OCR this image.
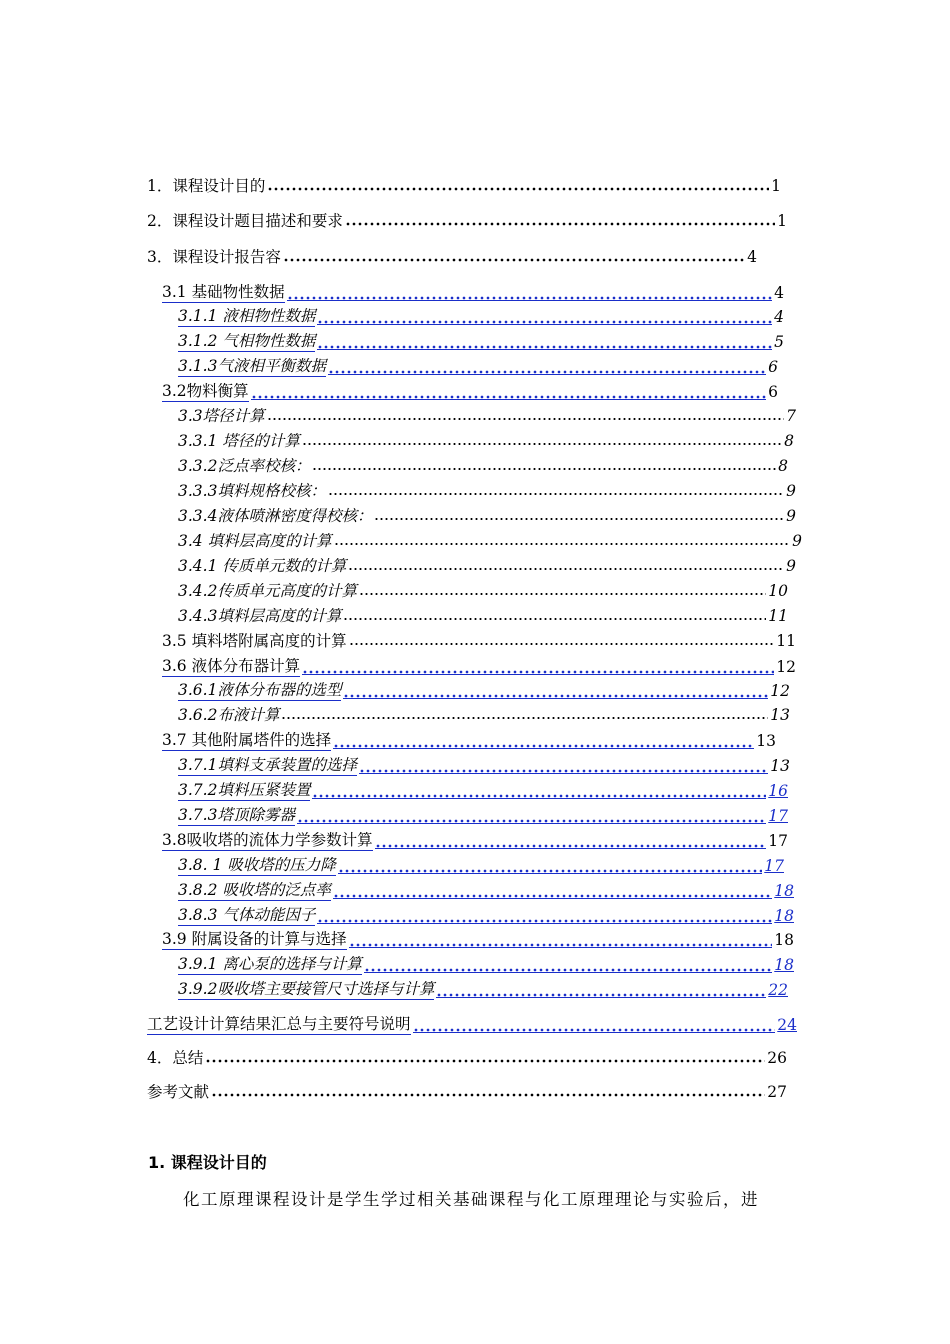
1．课程设计目的	1
2．课程设计题目描述和要求	1
3．课程设计报告容	4
3.1 基础物性数据	4
3.1.1 液相物性数据	4
3.1.2 气相物性数据	5
3.1.3气液相平衡数据	6
3.2物料衡算	6
3.3塔径计算	7
3.3.1 塔径的计算	8
3.3.2泛点率校核：	8
3.3.3填料规格校核：	9
3.3.4液体喷淋密度得校核：	9
3.4 填料层高度的计算	9
3.4.1 传质单元数的计算	9
3.4.2传质单元高度的计算	10
3.4.3填料层高度的计算	11
3.5 填料塔附属高度的计算	11
3.6 液体分布器计算	12
3.6.1液体分布器的选型	12
3.6.2布液计算	13
3.7 其他附属塔件的选择	13
3.7.1填料支承装置的选择	13
3.7.2填料压紧装置	16
3.7.3塔顶除雾器	17
3.8吸收塔的流体力学参数计算	17
3.8. 1 吸收塔的压力降	17
3.8.2 吸收塔的泛点率	18
3.8.3 气体动能因子	18
3.9 附属设备的计算与选择	18
3.9.1 离心泵的选择与计算	18
3.9.2吸收塔主要接管尺寸选择与计算	22
工艺设计计算结果汇总与主要符号说明	24
4．总结	26
参考文献	27
1. 课程设计目的
化工原理课程设计是学生学过相关基础课程与化工原理理论与实验后，进
